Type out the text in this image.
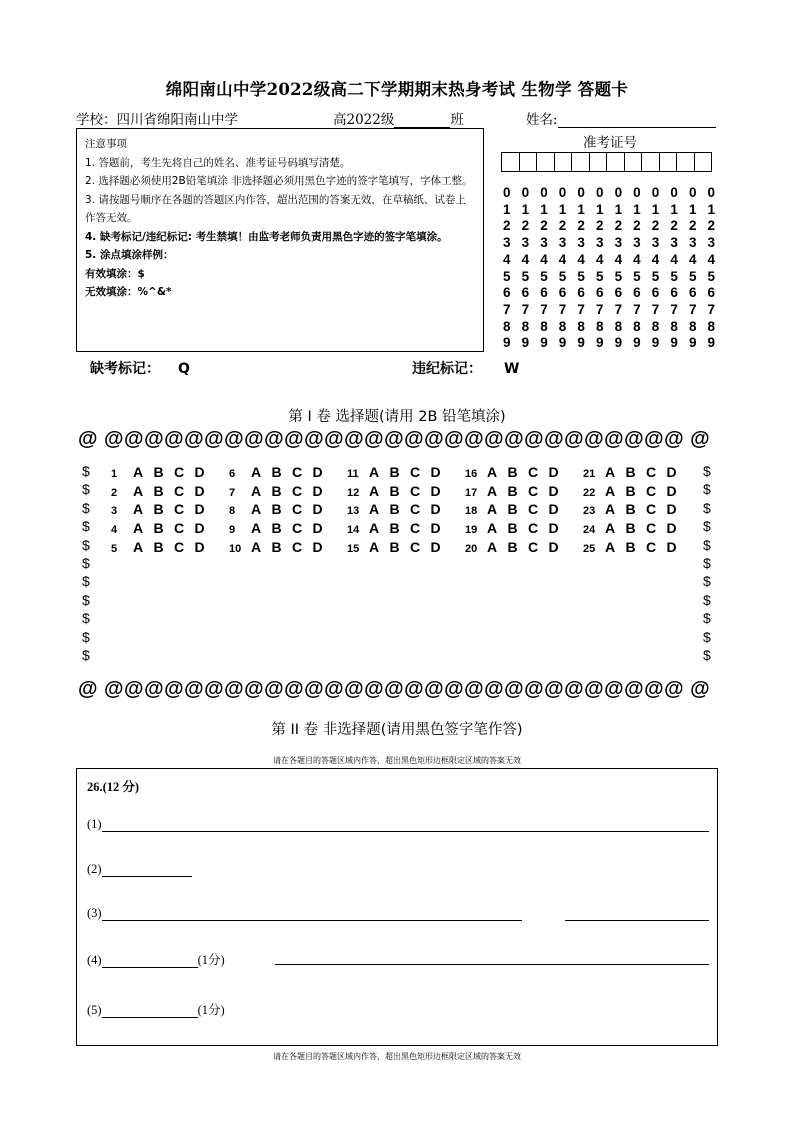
绵阳南山中学2022级高二下学期期末热身考试 生物学 答题卡
学校：四川省绵阳南山中学	高2022级	班	姓名:

注意事项

1. 答题前，考生先将自己的姓名、准考证号码填写清楚。

2. 选择题必须使用2B铅笔填涂 非选择题必须用黑色字迹的签字笔填写，字体工整。

3. 请按题号顺序在各题的答题区内作答，超出范围的答案无效，在草稿纸、试卷上作答无效。

4. 缺考标记/违纪标记: 考生禁填！由监考老师负责用黑色字迹的签字笔填涂。

5. 涂点填涂样例：

有效填涂：$

无效填涂：%^&*

准考证号
0 0 0 0 0 0 0 0 0 0 0 0
1 1 1 1 1 1 1 1 1 1 1 1
2 2 2 2 2 2 2 2 2 2 2 2
3 3 3 3 3 3 3 3 3 3 3 3
4 4 4 4 4 4 4 4 4 4 4 4
5 5 5 5 5 5 5 5 5 5 5 5
6 6 6 6 6 6 6 6 6 6 6 6
7 7 7 7 7 7 7 7 7 7 7 7
8 8 8 8 8 8 8 8 8 8 8 8
9 9 9 9 9 9 9 9 9 9 9 9
缺考标记： Q	违纪标记： W
第 I 卷 选择题(请用 2B 铅笔填涂)
@ @@@@@@@@@@@@@@@@@@@@@@@@@@@@@ @
$
$
$
$
$
$
$
$
$
$
$
$
$
$
$
$
$
$
$
$
$
$
1 A B C D	6 A B C D	11 A B C D	16 A B C D	21 A B C D
2 A B C D	7 A B C D	12 A B C D	17 A B C D	22 A B C D
3 A B C D	8 A B C D	13 A B C D	18 A B C D	23 A B C D
4 A B C D	9 A B C D	14 A B C D	19 A B C D	24 A B C D
5 A B C D	10 A B C D	15 A B C D	20 A B C D	25 A B C D
@ @@@@@@@@@@@@@@@@@@@@@@@@@@@@@ @
第 II 卷 非选择题(请用黑色签字笔作答)
请在各题目的答题区域内作答，超出黑色矩形边框限定区域的答案无效
26.(12 分)
(1)
(2)
(3)
(4)	(1分)
(5)	(1分)
请在各题目的答题区域内作答，超出黑色矩形边框限定区域的答案无效
